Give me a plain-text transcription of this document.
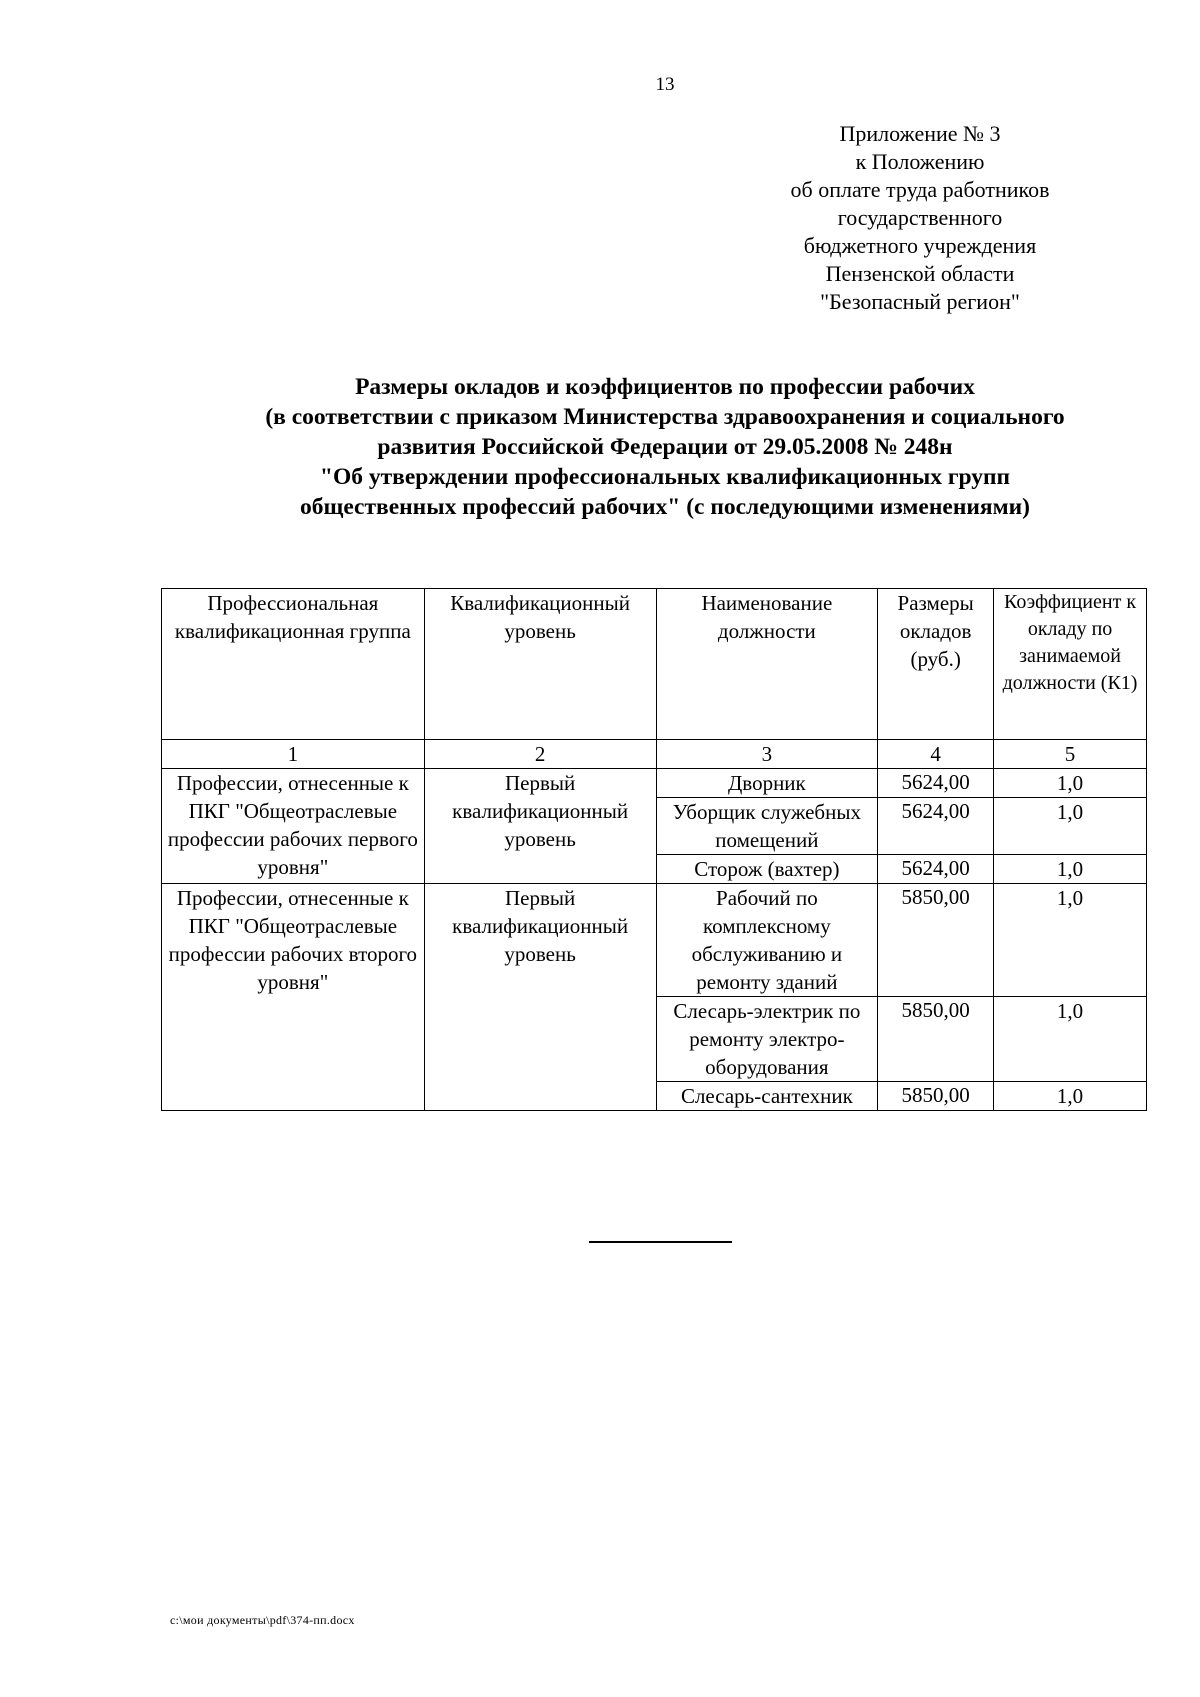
13
Приложение № 3
к Положению
об оплате труда работников
государственного
бюджетного учреждения
Пензенской области
"Безопасный регион"
Размеры окладов и коэффициентов по профессии рабочих
(в соответствии с приказом Министерства здравоохранения и социального
развития Российской Федерации от 29.05.2008 № 248н
"Об утверждении профессиональных квалификационных групп
общественных профессий рабочих" (с последующими изменениями)
Профессиональная квалификационная группа	Квалификационный уровень	Наименование должности	Размеры окладов (руб.)	Коэффициент к окладу по занимаемой должности (К1)
1	2	3	4	5
Профессии, отнесенные к ПКГ "Общеотраслевые профессии рабочих первого уровня"	Первый квалификационный уровень	Дворник	5624,00	1,0
		Уборщик служебных помещений	5624,00	1,0
		Сторож (вахтер)	5624,00	1,0
Профессии, отнесенные к ПКГ "Общеотраслевые профессии рабочих второго уровня"	Первый квалификационный уровень	Рабочий по комплексному обслуживанию и ремонту зданий	5850,00	1,0
		Слесарь-электрик по ремонту электро-оборудования	5850,00	1,0
		Слесарь-сантехник	5850,00	1,0
c:\мои документы\pdf\374-пп.docx
